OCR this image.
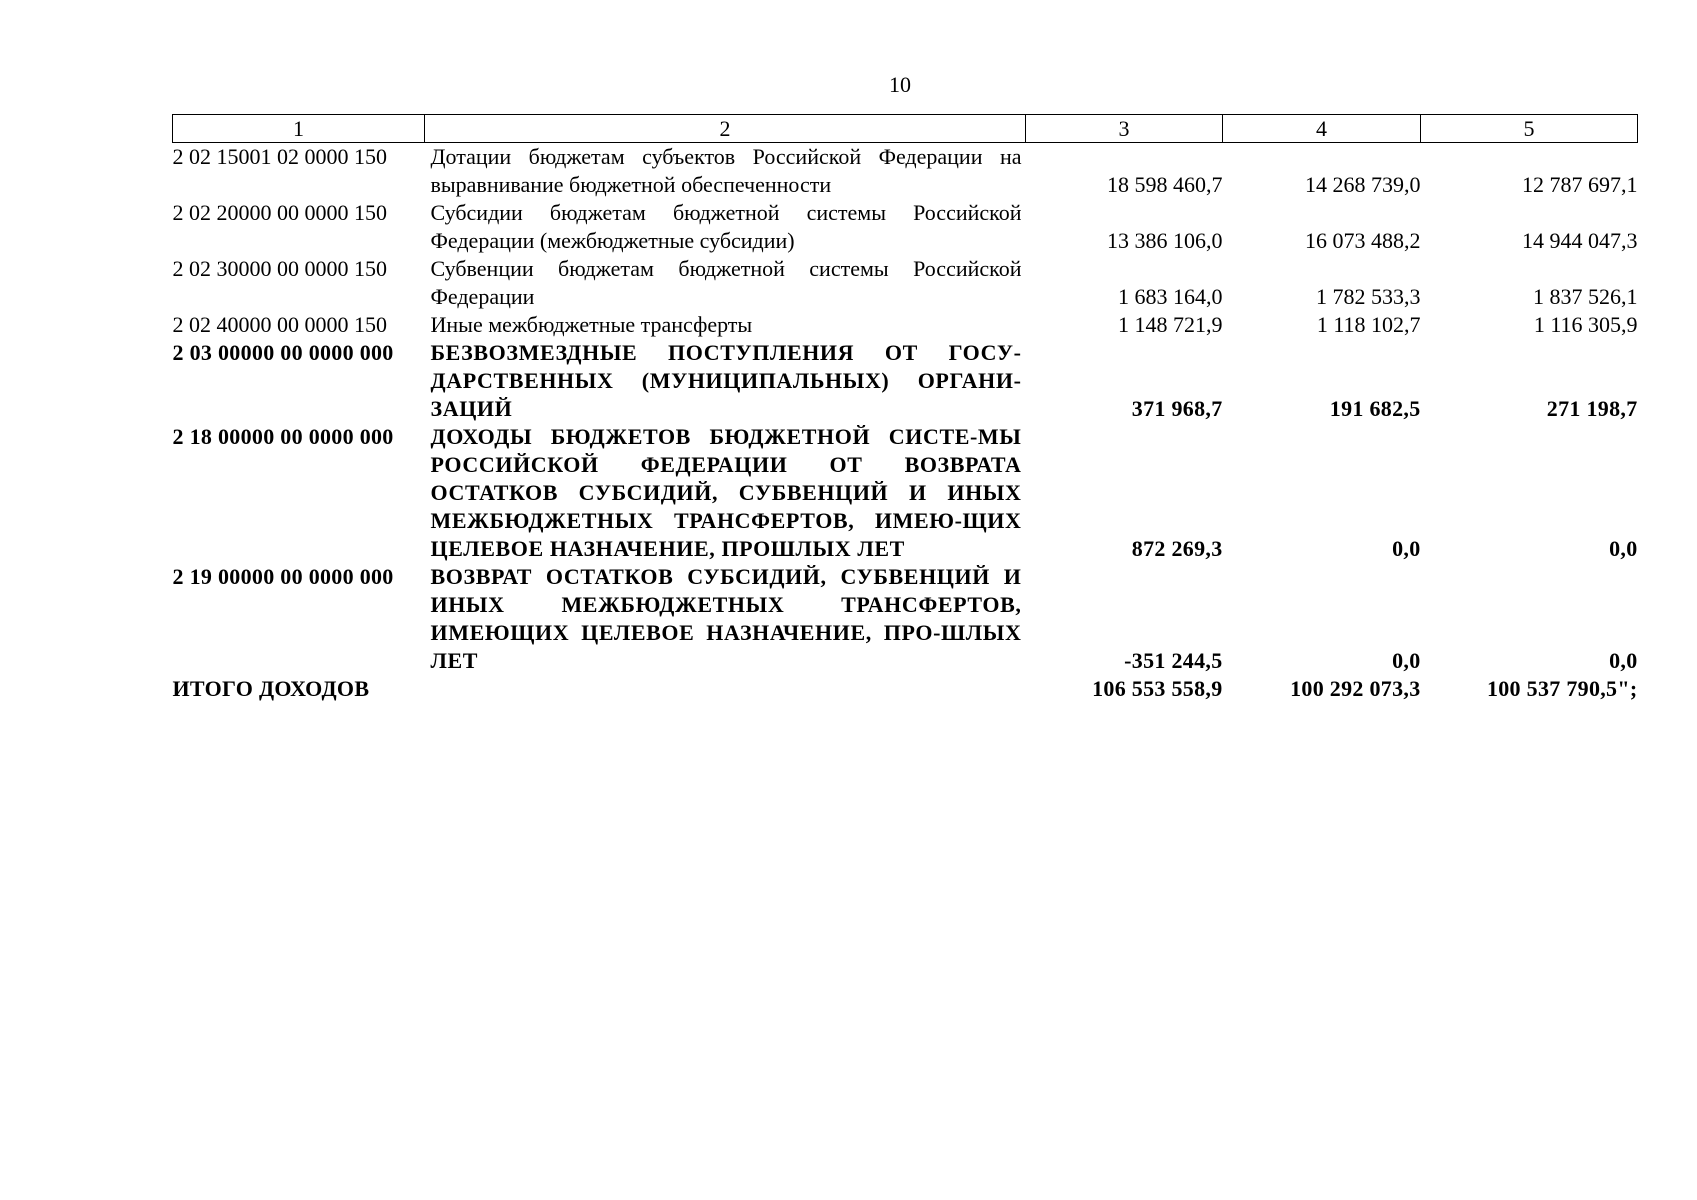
10
1	2	3	4	5
2 02 15001 02 0000 150	Дотации бюджетам субъектов Российской Федерации на выравнивание бюджетной обеспеченности	18 598 460,7	14 268 739,0	12 787 697,1
2 02 20000 00 0000 150	Субсидии бюджетам бюджетной системы Российской Федерации (межбюджетные субсидии)	13 386 106,0	16 073 488,2	14 944 047,3
2 02 30000 00 0000 150	Субвенции бюджетам бюджетной системы Российской Федерации	1 683 164,0	1 782 533,3	1 837 526,1
2 02 40000 00 0000 150	Иные межбюджетные трансферты	1 148 721,9	1 118 102,7	1 116 305,9
2 03 00000 00 0000 000	БЕЗВОЗМЕЗДНЫЕ ПОСТУПЛЕНИЯ ОТ ГОСУ-ДАРСТВЕННЫХ (МУНИЦИПАЛЬНЫХ) ОРГАНИ-ЗАЦИЙ	371 968,7	191 682,5	271 198,7
2 18 00000 00 0000 000	ДОХОДЫ БЮДЖЕТОВ БЮДЖЕТНОЙ СИСТЕ-МЫ РОССИЙСКОЙ ФЕДЕРАЦИИ ОТ ВОЗВРАТА ОСТАТКОВ СУБСИДИЙ, СУБВЕНЦИЙ И ИНЫХ МЕЖБЮДЖЕТНЫХ ТРАНСФЕРТОВ, ИМЕЮ-ЩИХ ЦЕЛЕВОЕ НАЗНАЧЕНИЕ, ПРОШЛЫХ ЛЕТ	872 269,3	0,0	0,0
2 19 00000 00 0000 000	ВОЗВРАТ ОСТАТКОВ СУБСИДИЙ, СУБВЕНЦИЙ И ИНЫХ МЕЖБЮДЖЕТНЫХ ТРАНСФЕРТОВ, ИМЕЮЩИХ ЦЕЛЕВОЕ НАЗНАЧЕНИЕ, ПРО-ШЛЫХ ЛЕТ	-351 244,5	0,0	0,0
ИТОГО ДОХОДОВ		106 553 558,9	100 292 073,3	100 537 790,5";
